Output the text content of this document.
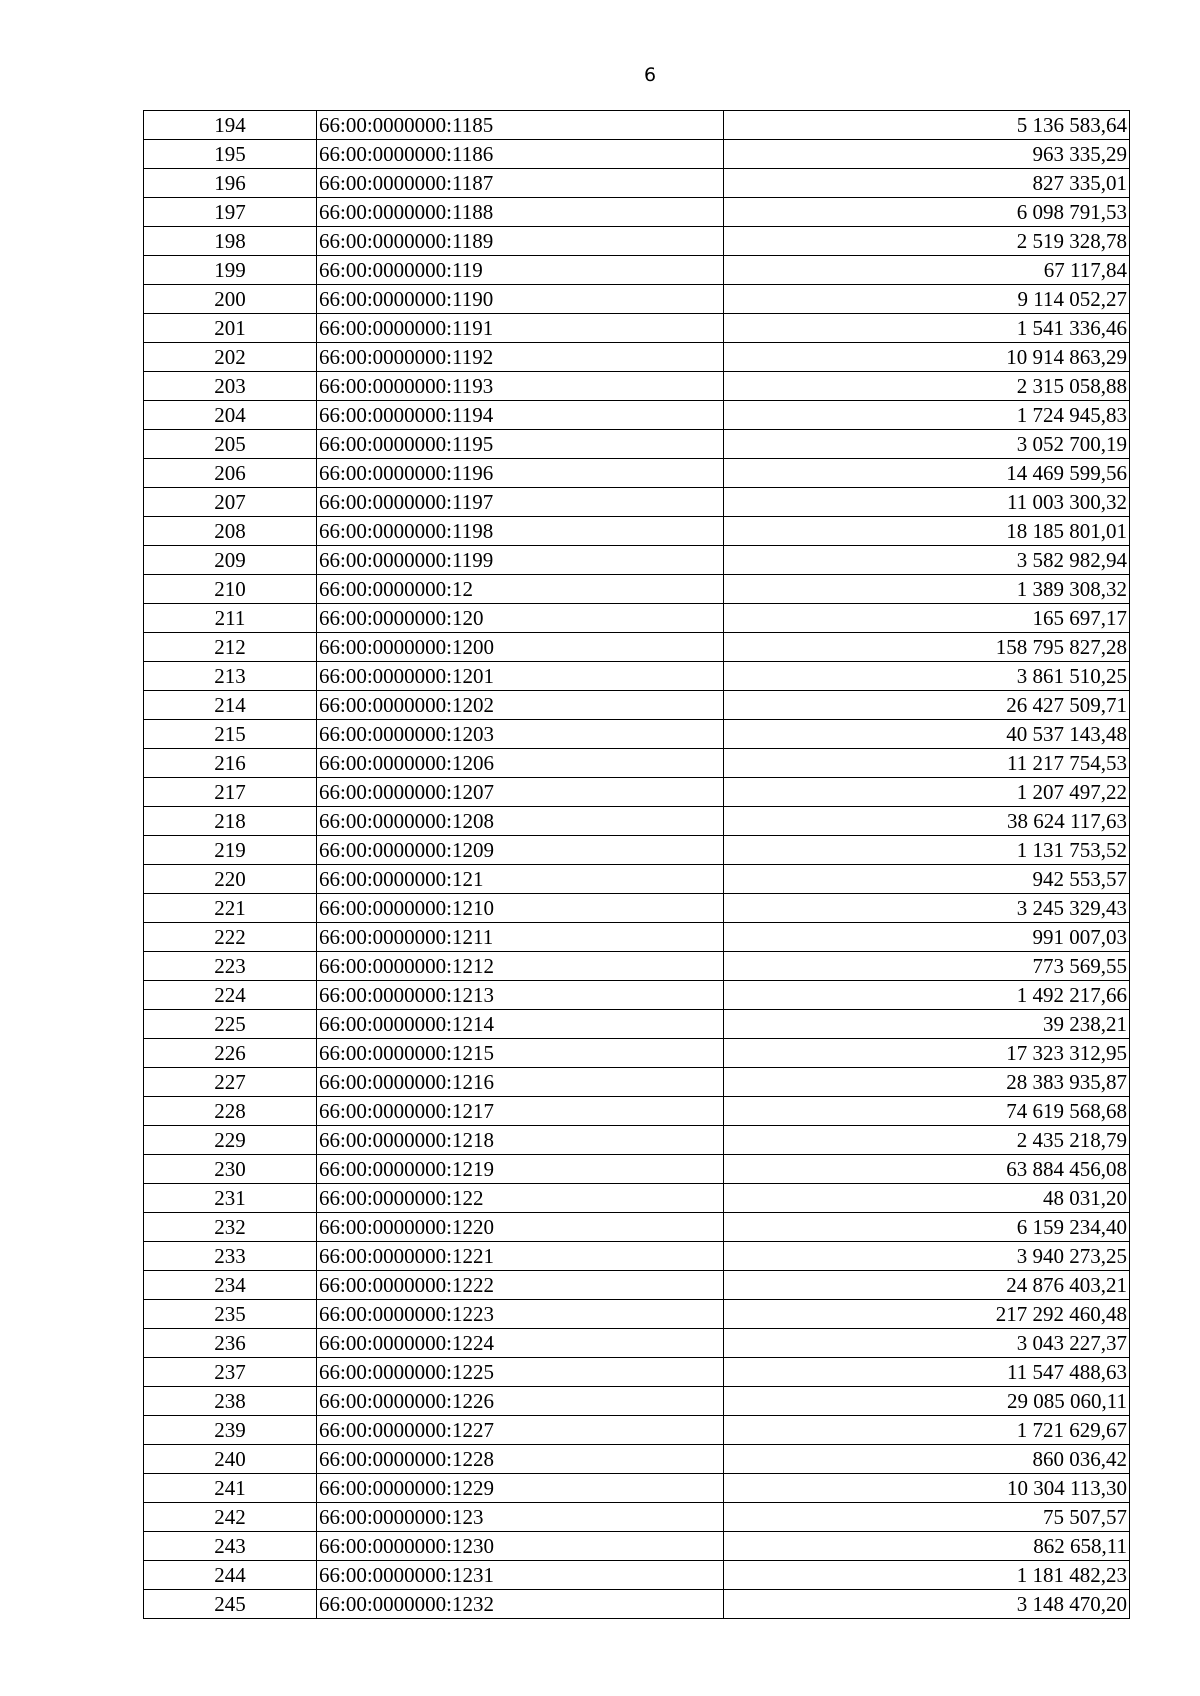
6
194	66:00:0000000:1185	5 136 583,64
195	66:00:0000000:1186	963 335,29
196	66:00:0000000:1187	827 335,01
197	66:00:0000000:1188	6 098 791,53
198	66:00:0000000:1189	2 519 328,78
199	66:00:0000000:119	67 117,84
200	66:00:0000000:1190	9 114 052,27
201	66:00:0000000:1191	1 541 336,46
202	66:00:0000000:1192	10 914 863,29
203	66:00:0000000:1193	2 315 058,88
204	66:00:0000000:1194	1 724 945,83
205	66:00:0000000:1195	3 052 700,19
206	66:00:0000000:1196	14 469 599,56
207	66:00:0000000:1197	11 003 300,32
208	66:00:0000000:1198	18 185 801,01
209	66:00:0000000:1199	3 582 982,94
210	66:00:0000000:12	1 389 308,32
211	66:00:0000000:120	165 697,17
212	66:00:0000000:1200	158 795 827,28
213	66:00:0000000:1201	3 861 510,25
214	66:00:0000000:1202	26 427 509,71
215	66:00:0000000:1203	40 537 143,48
216	66:00:0000000:1206	11 217 754,53
217	66:00:0000000:1207	1 207 497,22
218	66:00:0000000:1208	38 624 117,63
219	66:00:0000000:1209	1 131 753,52
220	66:00:0000000:121	942 553,57
221	66:00:0000000:1210	3 245 329,43
222	66:00:0000000:1211	991 007,03
223	66:00:0000000:1212	773 569,55
224	66:00:0000000:1213	1 492 217,66
225	66:00:0000000:1214	39 238,21
226	66:00:0000000:1215	17 323 312,95
227	66:00:0000000:1216	28 383 935,87
228	66:00:0000000:1217	74 619 568,68
229	66:00:0000000:1218	2 435 218,79
230	66:00:0000000:1219	63 884 456,08
231	66:00:0000000:122	48 031,20
232	66:00:0000000:1220	6 159 234,40
233	66:00:0000000:1221	3 940 273,25
234	66:00:0000000:1222	24 876 403,21
235	66:00:0000000:1223	217 292 460,48
236	66:00:0000000:1224	3 043 227,37
237	66:00:0000000:1225	11 547 488,63
238	66:00:0000000:1226	29 085 060,11
239	66:00:0000000:1227	1 721 629,67
240	66:00:0000000:1228	860 036,42
241	66:00:0000000:1229	10 304 113,30
242	66:00:0000000:123	75 507,57
243	66:00:0000000:1230	862 658,11
244	66:00:0000000:1231	1 181 482,23
245	66:00:0000000:1232	3 148 470,20
